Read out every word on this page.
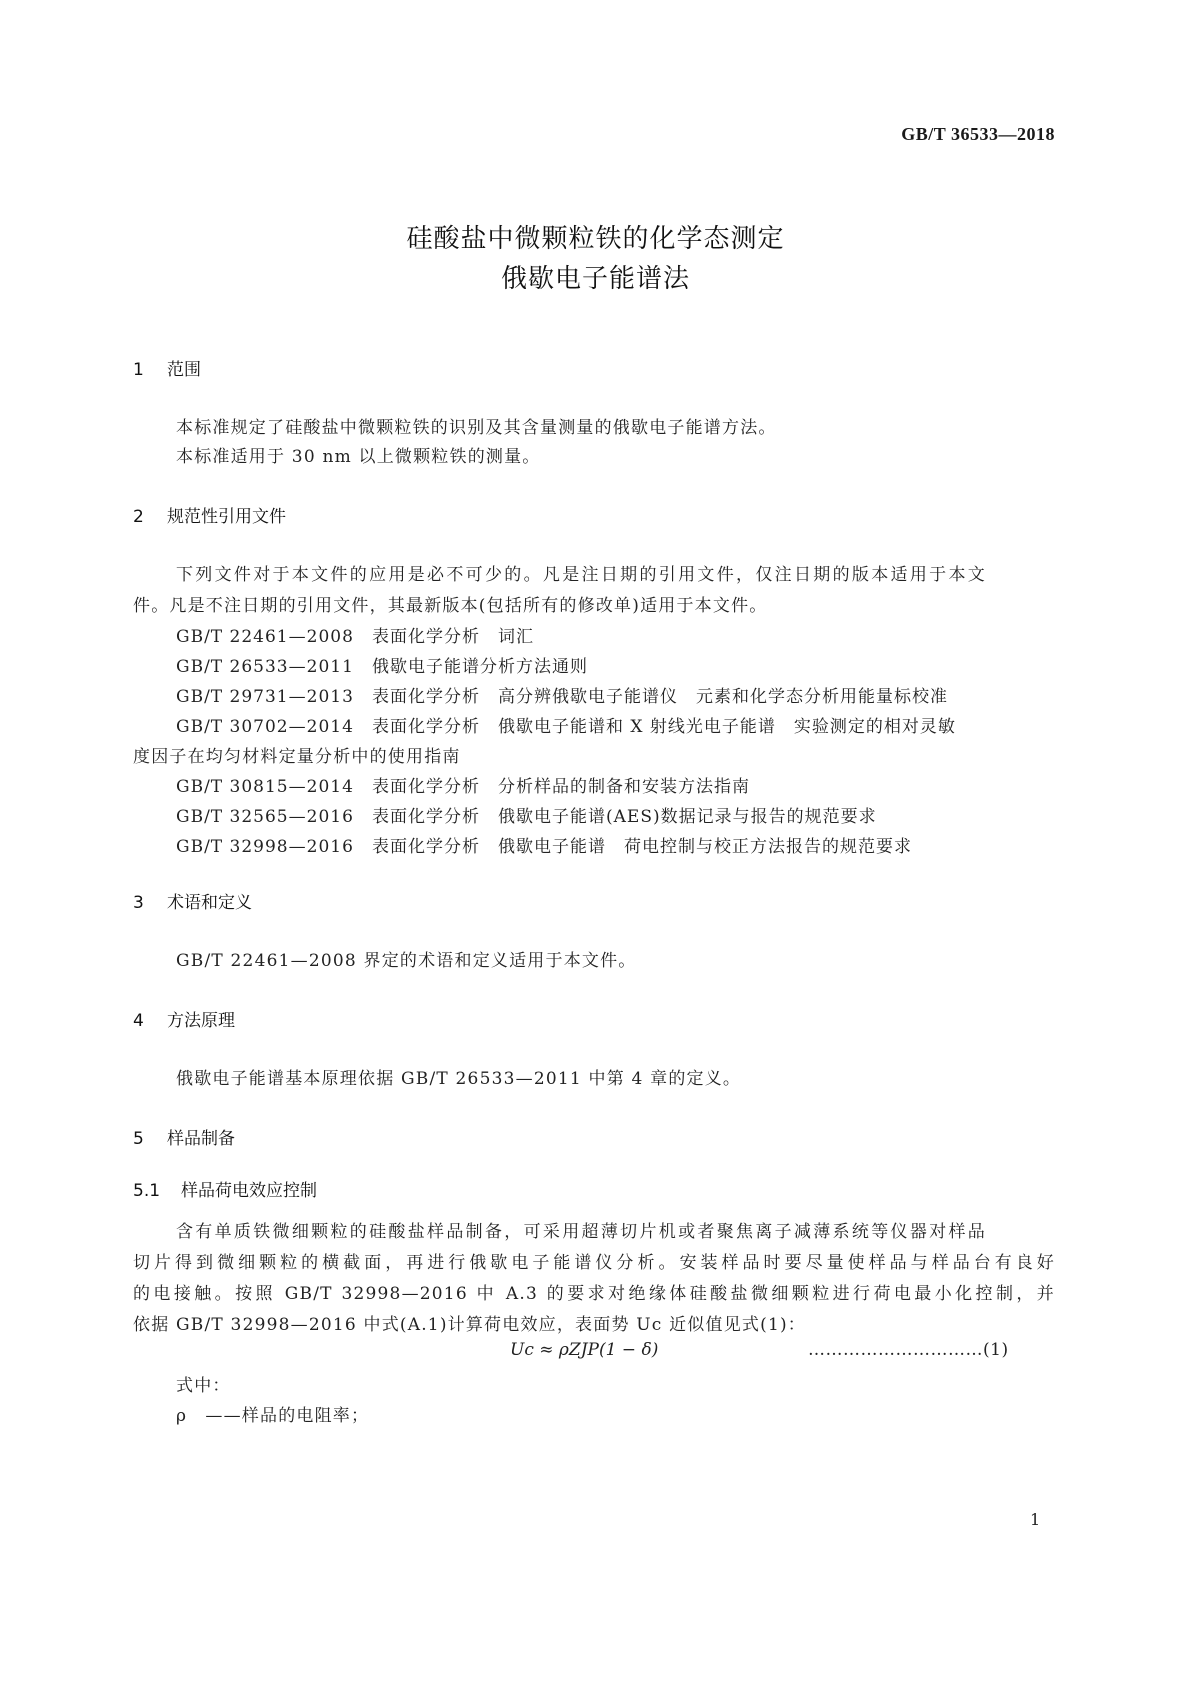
GB/T 36533—2018
硅酸盐中微颗粒铁的化学态测定
俄歇电子能谱法
1 范围
本标准规定了硅酸盐中微颗粒铁的识别及其含量测量的俄歇电子能谱方法。
本标准适用于 30 nm 以上微颗粒铁的测量。
2 规范性引用文件
下列文件对于本文件的应用是必不可少的。凡是注日期的引用文件，仅注日期的版本适用于本文
件。凡是不注日期的引用文件，其最新版本(包括所有的修改单)适用于本文件。
GB/T 22461—2008 表面化学分析　词汇
GB/T 26533—2011 俄歇电子能谱分析方法通则
GB/T 29731—2013 表面化学分析　高分辨俄歇电子能谱仪　元素和化学态分析用能量标校准
GB/T 30702—2014 表面化学分析　俄歇电子能谱和 X 射线光电子能谱　实验测定的相对灵敏
度因子在均匀材料定量分析中的使用指南
GB/T 30815—2014 表面化学分析　分析样品的制备和安装方法指南
GB/T 32565—2016 表面化学分析　俄歇电子能谱(AES)数据记录与报告的规范要求
GB/T 32998—2016 表面化学分析　俄歇电子能谱　荷电控制与校正方法报告的规范要求
3 术语和定义
GB/T 22461—2008 界定的术语和定义适用于本文件。
4 方法原理
俄歇电子能谱基本原理依据 GB/T 26533—2011 中第 4 章的定义。
5 样品制备
5.1 样品荷电效应控制
含有单质铁微细颗粒的硅酸盐样品制备，可采用超薄切片机或者聚焦离子减薄系统等仪器对样品
切片得到微细颗粒的横截面，再进行俄歇电子能谱仪分析。安装样品时要尽量使样品与样品台有良好
的电接触。按照 GB/T 32998—2016 中 A.3 的要求对绝缘体硅酸盐微细颗粒进行荷电最小化控制，并
依据 GB/T 32998—2016 中式(A.1)计算荷电效应，表面势 Uc 近似值见式(1)：
Uc ≈ ρZJP(1 − δ)	…………………………(1)
式中：
ρ　——样品的电阻率；
1
